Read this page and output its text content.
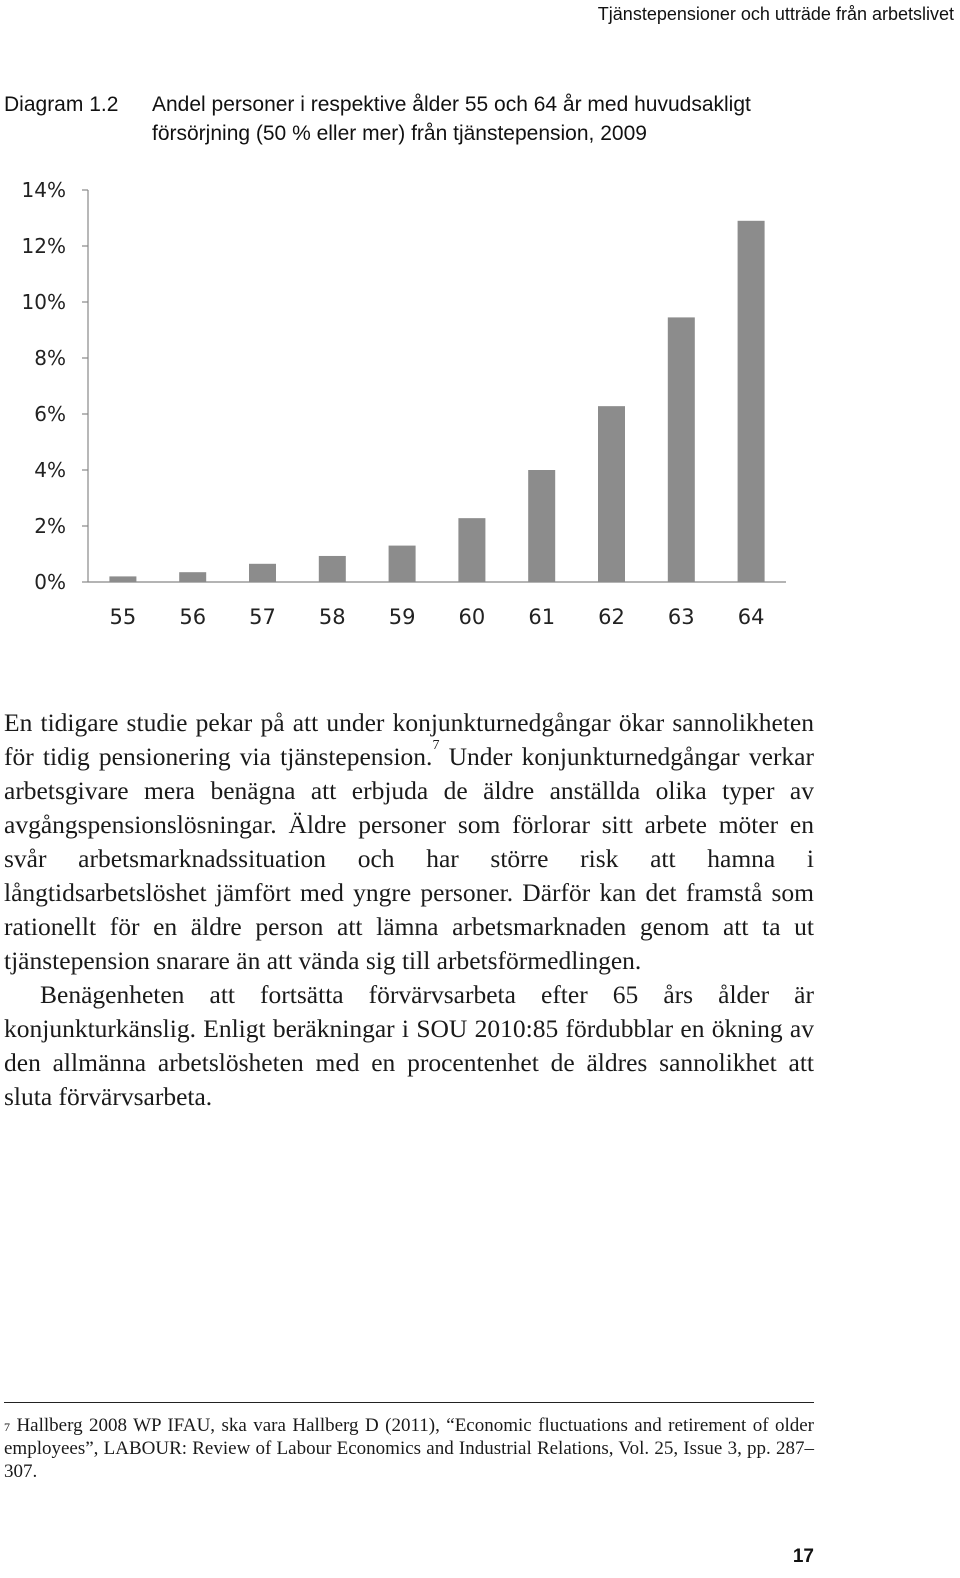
Tjänstepensioner och utträde från arbetslivet
Diagram 1.2 Andel personer i respektive ålder 55 och 64 år med huvudsakligt försörjning (50 % eller mer) från tjänstepension, 2009
0%
2%
4%
6%
8%
10%
12%
14%
55 56 57 58 59 60 61 62 63 64

En tidigare studie pekar på att under konjunkturnedgångar ökar sannolikheten för tidig pensionering via tjänstepension.$^7$ Under konjunkturnedgångar verkar arbetsgivare mera benägna att erbjuda de äldre anställda olika typer av avgångspensionslösningar. Äldre personer som förlorar sitt arbete möter en svår arbetsmarknadssituation och har större risk att hamna i långtidsarbetslöshet jämfört med yngre personer. Därför kan det framstå som rationellt för en äldre person att lämna arbetsmarknaden genom att ta ut tjänstepension snarare än att vända sig till arbetsförmedlingen.

Benägenheten att fortsätta förvärvsarbeta efter 65 års ålder är konjunkturkänslig. Enligt beräkningar i SOU 2010:85 fördubblar en ökning av den allmänna arbetslösheten med en procentenhet de äldres sannolikhet att sluta förvärvsarbeta.

$^7$ Hallberg 2008 WP IFAU, ska vara Hallberg D (2011), “Economic fluctuations and retirement of older employees”, LABOUR: Review of Labour Economics and Industrial Relations, Vol. 25, Issue 3, pp. 287–307.
17
